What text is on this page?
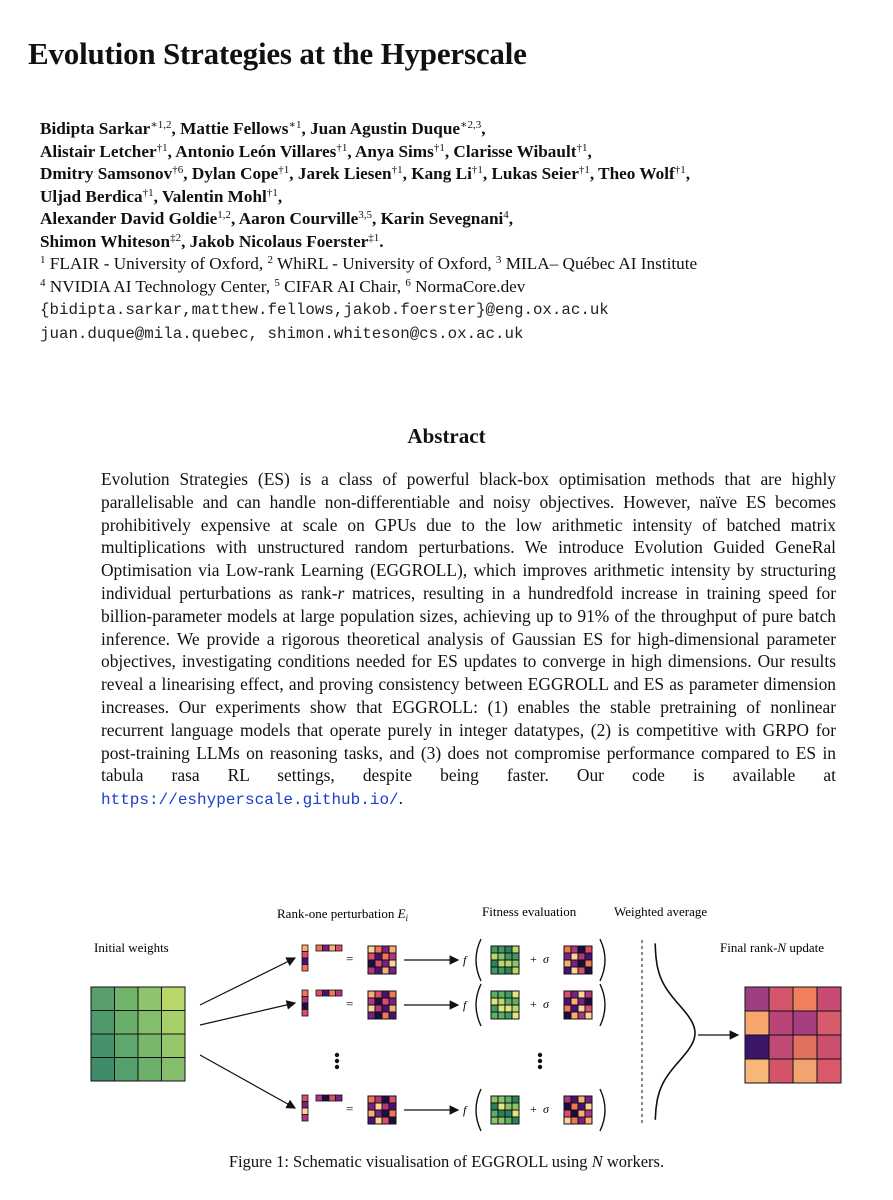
Evolution Strategies at the Hyperscale
Bidipta Sarkar$^{∗1,2}$, Mattie Fellows$^{∗1}$, Juan Agustin Duque$^{∗2,3}$,
Alistair Letcher$^{\dagger 1}$, Antonio León Villares$^{\dagger 1}$, Anya Sims$^{\dagger 1}$, Clarisse Wibault$^{\dagger 1}$,
Dmitry Samsonov$^{\dagger 6}$, Dylan Cope$^{\dagger 1}$, Jarek Liesen$^{\dagger 1}$, Kang Li$^{\dagger 1}$, Lukas Seier$^{\dagger 1}$, Theo Wolf$^{\dagger 1}$,
Uljad Berdica$^{\dagger 1}$, Valentin Mohl$^{\dagger 1}$,
Alexander David Goldie$^{1,2}$, Aaron Courville$^{3,5}$, Karin Sevegnani$^4$,
Shimon Whiteson$^{\ddagger 2}$, Jakob Nicolaus Foerster$^{\ddagger 1}$.
$^1$ FLAIR - University of Oxford, $^2$ WhiRL - University of Oxford, $^3$ MILA– Québec AI Institute
$^4$ NVIDIA AI Technology Center, $^5$ CIFAR AI Chair, $^6$ NormaCore.dev
{bidipta.sarkar,matthew.fellows,jakob.foerster}@eng.ox.ac.uk
juan.duque@mila.quebec, shimon.whiteson@cs.ox.ac.uk
Abstract
Evolution Strategies (ES) is a class of powerful black-box optimisation methods that are highly parallelisable and can handle non-differentiable and noisy objectives. However, naïve ES becomes prohibitively expensive at scale on GPUs due to the low arithmetic intensity of batched matrix multiplications with unstructured random perturbations. We introduce Evolution Guided GeneRal Optimisation via Low-rank Learning (EGGROLL), which improves arithmetic intensity by structuring individual perturbations as rank-r matrices, resulting in a hundredfold increase in training speed for billion-parameter models at large population sizes, achieving up to 91% of the throughput of pure batch inference. We provide a rigorous theoretical analysis of Gaussian ES for high-dimensional parameter objectives, investigating conditions needed for ES updates to converge in high dimensions. Our results reveal a linearising effect, and proving consistency between EGGROLL and ES as parameter dimension increases. Our experiments show that EGGROLL: (1) enables the stable pretraining of nonlinear recurrent language models that operate purely in integer datatypes, (2) is competitive with GRPO for post-training LLMs on reasoning tasks, and (3) does not compromise performance compared to ES in tabula rasa RL settings, despite being faster. Our code is available at https://eshyperscale.github.io/.
Initial weights
Rank-one perturbation $E_i$	Fitness evaluation	Weighted average
Final rank-N update
=	f	+ σ
=	f	+ σ
=	f	+ σ
Figure 1: Schematic visualisation of EGGROLL using N workers.
